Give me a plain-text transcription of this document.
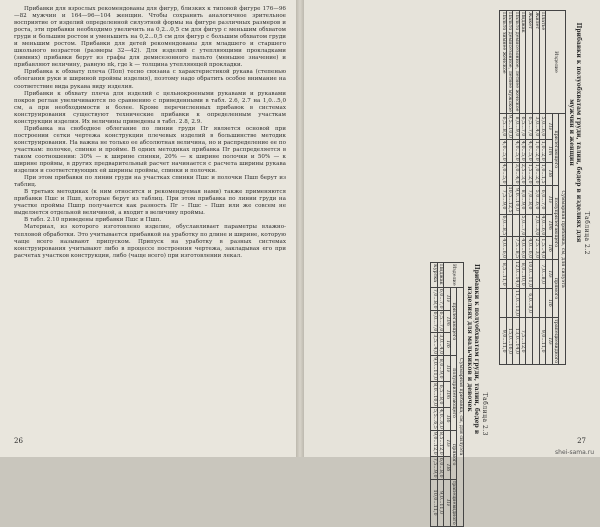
Прибавки для взрослых рекомендованы для фигур, близких к типовой фигуре 176—96—82 мужчин и 164—96—104 женщин. Чтобы сохранить аналогичное зрительное восприятие от изделий определенной силуэтной формы на фигуре различных размеров и роста, эти прибавки необходимо увеличить на 0,2...0,5 см для фигур с меньшим обхватом груди и большим ростом и уменьшить на 0,2...0,5 см для фигур с большим обхватом груди и меньшим ростом. Прибавки для детей рекомендованы для младшего и старшего школьного возрастов (размеры 32—42). Для изделий с утепляющими прокладками (зимних) прибавки берут из графы для демисезонного пальто (меньшее значение) и прибавляют величину, равную πk, где k — толщина утепляющей прокладки.

Прибавка к обхвату плеча (Поп) тесно связана с характеристикой рукава (степенью облегания руки и шириной проймы изделия), поэтому надо обратить особое внимание на соответствие вида рукава виду изделия.

Прибавки к обхвату плеча для изделий с цельнокроеными рукавами и рукавами покроя реглан увеличиваются по сравнению с приведенными в табл. 2.6, 2.7 на 1,0...5,0 см, а при необходимости и более. Кроме перечисленных прибавок в системах конструирования существуют технические прибавки к определенным участкам конструкции изделия. Их величины приведены в табл. 2.8, 2.9.

Прибавка на свободное облегание по линии груди Пг является основой при построении сетки чертежа конструкции плечевых изделий в большинстве методик конструирования. На важна не только ее абсолютная величина, но и распределение ее по участкам: полочке, спинке и пройме. В одних методиках прибавка Пг распределяется в таком соотношении: 30% — к ширине спинки, 20% — к ширине полочки и 50% — к ширине проймы, в других предварительный расчет начинается с расчета ширины рукава изделия и соответствующих ей ширины проймы, спинки и полочки.

При этом прибавки по линии груди на участках спинки Пшс и полочки Пшп берут из таблиц.

В третьих методиках (к ним относится и рекомендуемая нами) также применяются прибавки Пшс и Пшп, которые берут из таблиц. При этом прибавка по линии груди на участке проймы Пшпр получается как разность Пг – Пшс – Пшп или же совсем не выделяется отдельной величиной, а входит в величину проймы.

В табл. 2.10 приведены прибавки Пшс и Пшп.

Материал, из которого изготовлено изделие, обуславливает параметры влажно-тепловой обработки. Это учитывается прибавкой на уработку по длине и ширине, которую чаще всего называют припуском. Припуск на уработку в разных системах конструирования учитывают либо в процессе построения чертежа, закладывая его при расчетах участков конструкции, либо (чаще всего) при изготовлении лекал.

26
Таблица 2.2
Прибавки к полуобхватам груди, талии, бедер в изделиях для мужчин и женщин
Изделие	Суммарная прибавка, см, для силуэта								
	прилегающего			полуприлегающего			прямого		трапециевидного
	Пг	Пт	Пб	Пг	Пт	Пб	Пг	Пб	Пг
Платье	5,0...6,0	1,0...2,0	1,0...1,5	6,0...7,0	4,0...6,0	1,5...4,0	7,0...8,0		9,0...11,0
Жилет	3,0...4,0	1,0...2,0	1,0...2,0	5,0...6,0	2,0...3,0	2,5...3,0			
Жакет	6,5...7,0	4,0...5,0	1,5...2,0	7,0...8,0		4,0...6,0	10,0...11,0	6,0...8,0	
Пиджак	6,5...7,0	4,0...5,0	2,5...3,0	8,0...9,0	5,0...7,0	4,0...6,0	8,0...10,0		7,5...12,0
Пальто демисезонное, летнее женское	8,0...9,0	4,0...5,0	3,0...4,0	9,0...10,0		7,5...8,5	12,0...14,0	11,0...13,0	13,0...14,0
Пальто демисезонное, летнее мужское	9,5...10,0			10,5...12,5					15,0...16,0
Пальто зимнее женское	6,5...8,0	4,0...5,0	4,0...5,0	7,5...9,0	6,0...8,5	4,0...6,0	8,5...11,0		9,0...11,0
Таблица 2.3
Прибавки к полуобхватам груди, талии, бедер в изделиях для мальчиков и девочек
Изделие	Суммарная прибавка, см, для силуэта								
	прилегающего			полуприлегающего			прямого		трапециевидного
	Пг	Пт	Пб	Пг	Пт	Пб	Пг	Пб	Пг
Пиджак	6,0...7,0	6,5...7,0	3,0...4,0	8,0...9,0	6,5...8,0	4,0...6,0	8,5...12,0	6,0...8,0	9,0...11,0
Куртка	7,0...8,0	6,0...7,0	3,5...4,0	9,0...11,0	8,0...10,0	5,5...6,5	9,0...12,0	7,5...9,0	10,0...11,0
27
shei-sama.ru
